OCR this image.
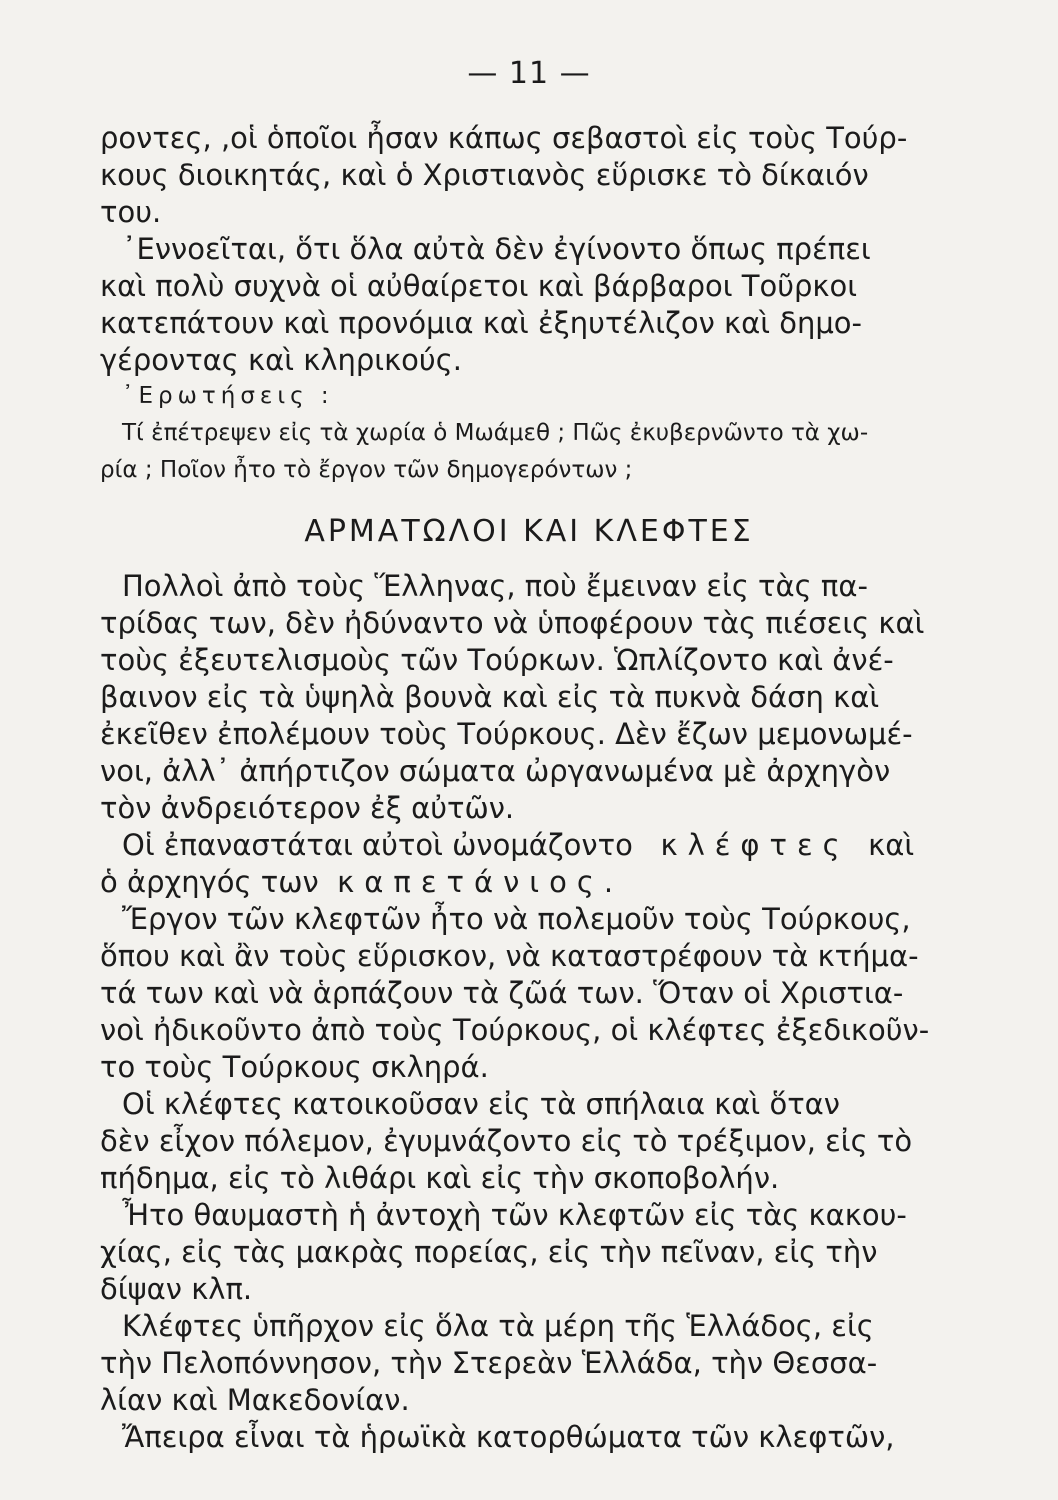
— 11 —
ροντες, ,οἱ ὁποῖοι ἦσαν κάπως σεβαστοὶ εἰς τοὺς Τούρ-
κους διοικητάς, καὶ ὁ Χριστιανὸς εὕρισκε τὸ δίκαιόν
του.
᾿Εννοεῖται, ὅτι ὅλα αὐτὰ δὲν ἐγίνοντο ὅπως πρέπει
καὶ πολὺ συχνὰ οἱ αὐθαίρετοι καὶ βάρβαροι Τοῦρκοι
κατεπάτουν καὶ προνόμια καὶ ἐξηυτέλιζον καὶ δημο-
γέροντας καὶ κληρικούς.
᾿Ερωτήσεις :
Τί ἐπέτρεψεν εἰς τὰ χωρία ὁ Μωάμεθ ; Πῶς ἐκυβερνῶντο τὰ χω-
ρία ; Ποῖον ἦτο τὸ ἔργον τῶν δημογερόντων ;
ΑΡΜΑΤΩΛΟΙ ΚΑΙ ΚΛΕΦΤΕΣ
Πολλοὶ ἀπὸ τοὺς Ἕλληνας, ποὺ ἔμειναν εἰς τὰς πα-
τρίδας των, δὲν ἠδύναντο νὰ ὑποφέρουν τὰς πιέσεις καὶ
τοὺς ἐξευτελισμοὺς τῶν Τούρκων. Ὡπλίζοντο καὶ ἀνέ-
βαινον εἰς τὰ ὑψηλὰ βουνὰ καὶ εἰς τὰ πυκνὰ δάση καὶ
ἐκεῖθεν ἐπολέμουν τοὺς Τούρκους. Δὲν ἔζων μεμονωμέ-
νοι, ἀλλ᾿ ἀπήρτιζον σώματα ὠργανωμένα μὲ ἀρχηγὸν
τὸν ἀνδρειότερον ἐξ αὐτῶν.
Οἱ ἐπαναστάται αὐτοὶ ὠνομάζοντο κλέφτες καὶ
ὁ ἀρχηγός των καπετάνιος.
Ἔργον τῶν κλεφτῶν ἦτο νὰ πολεμοῦν τοὺς Τούρκους,
ὅπου καὶ ἂν τοὺς εὕρισκον, νὰ καταστρέφουν τὰ κτήμα-
τά των καὶ νὰ ἁρπάζουν τὰ ζῶά των. Ὅταν οἱ Χριστια-
νοὶ ἠδικοῦντο ἀπὸ τοὺς Τούρκους, οἱ κλέφτες ἐξεδικοῦν-
το τοὺς Τούρκους σκληρά.
Οἱ κλέφτες κατοικοῦσαν εἰς τὰ σπήλαια καὶ ὅταν
δὲν εἶχον πόλεμον, ἐγυμνάζοντο εἰς τὸ τρέξιμον, εἰς τὸ
πήδημα, εἰς τὸ λιθάρι καὶ εἰς τὴν σκοποβολήν.
Ἦτο θαυμαστὴ ἡ ἀντοχὴ τῶν κλεφτῶν εἰς τὰς κακου-
χίας, εἰς τὰς μακρὰς πορείας, εἰς τὴν πεῖναν, εἰς τὴν
δίψαν κλπ.
Κλέφτες ὑπῆρχον εἰς ὅλα τὰ μέρη τῆς Ἑλλάδος, εἰς
τὴν Πελοπόννησον, τὴν Στερεὰν Ἑλλάδα, τὴν Θεσσα-
λίαν καὶ Μακεδονίαν.
Ἄπειρα εἶναι τὰ ἡρωϊκὰ κατορθώματα τῶν κλεφτῶν,
